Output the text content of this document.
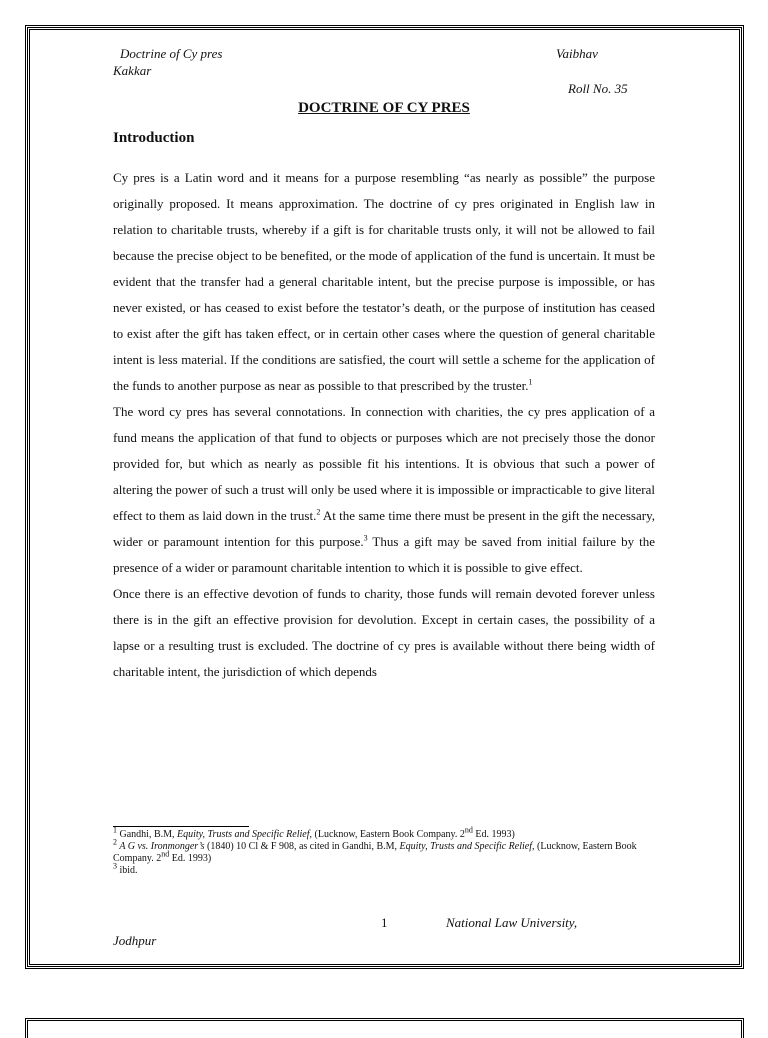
Doctrine of Cy pres	Vaibhav
Kakkar
Roll No. 35
DOCTRINE OF CY PRES
Introduction

Cy pres is a Latin word and it means for a purpose resembling “as nearly as possible” the purpose originally proposed. It means approximation. The doctrine of cy pres originated in English law in relation to charitable trusts, whereby if a gift is for charitable trusts only, it will not be allowed to fail because the precise object to be benefited, or the mode of application of the fund is uncertain. It must be evident that the transfer had a general charitable intent, but the precise purpose is impossible, or has never existed, or has ceased to exist before the testator’s death, or the purpose of institution has ceased to exist after the gift has taken effect, or in certain other cases where the question of general charitable intent is less material. If the conditions are satisfied, the court will settle a scheme for the application of the funds to another purpose as near as possible to that prescribed by the truster.$^1$

The word cy pres has several connotations. In connection with charities, the cy pres application of a fund means the application of that fund to objects or purposes which are not precisely those the donor provided for, but which as nearly as possible fit his intentions. It is obvious that such a power of altering the power of such a trust will only be used where it is impossible or impracticable to give literal effect to them as laid down in the trust.$^2$ At the same time there must be present in the gift the necessary, wider or paramount intention for this purpose.$^3$ Thus a gift may be saved from initial failure by the presence of a wider or paramount charitable intention to which it is possible to give effect.

Once there is an effective devotion of funds to charity, those funds will remain devoted forever unless there is in the gift an effective provision for devolution. Except in certain cases, the possibility of a lapse or a resulting trust is excluded. The doctrine of cy pres is available without there being width of charitable intent, the jurisdiction of which depends

$^1$ Gandhi, B.M, Equity, Trusts and Specific Relief, (Lucknow, Eastern Book Company. 2nd Ed. 1993)
$^2$ A G vs. Ironmonger’s (1840) 10 Cl & F 908, as cited in Gandhi, B.M, Equity, Trusts and Specific Relief, (Lucknow, Eastern Book Company. 2nd Ed. 1993)
$^3$ ibid.
1	National Law University,
Jodhpur
